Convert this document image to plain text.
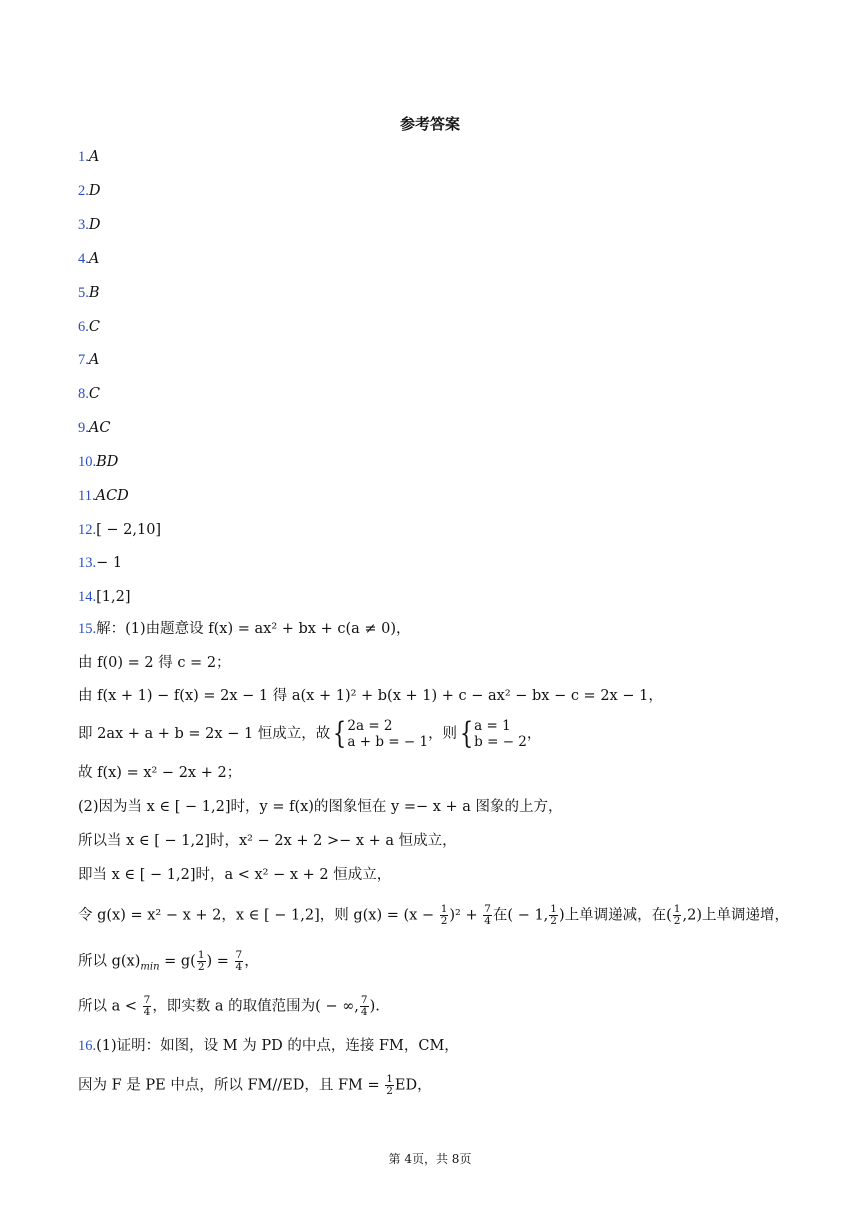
参考答案
1.A
2.D
3.D
4.A
5.B
6.C
7.A
8.C
9.AC
10.BD
11.ACD
12.[ − 2,10]
13.− 1
14.[1,2]
15.解：(1)由题意设 f(x) = ax² + bx + c(a ≠ 0)，
由 f(0) = 2 得 c = 2；
由 f(x + 1) − f(x) = 2x − 1 得 a(x + 1)² + b(x + 1) + c − ax² − bx − c = 2x − 1，
即 2ax + a + b = 2x − 1 恒成立，故{ 2a = 2
a + b = − 1 ，则{ a = 1
b = − 2 ，
故 f(x) = x² − 2x + 2；
(2)因为当 x ∈ [ − 1,2]时，y = f(x)的图象恒在 y =− x + a 图象的上方，
所以当 x ∈ [ − 1,2]时，x² − 2x + 2 >− x + a 恒成立，
即当 x ∈ [ − 1,2]时，a < x² − x + 2 恒成立，
令 g(x) = x² − x + 2，x ∈ [ − 1,2]，则 $g(x) = (x - \frac{1}{2} )^2 + \frac{7}{4}$ 在( − 1, $\frac{1}{2}$ )上单调递减，在( $\frac{1}{2} ,2$)上单调递增，
所以 $g(x)_{min} = g( \frac{1}{2}$ ) = $\frac{7}{4}$ ，
所以 $a < \frac{7}{4}$ ，即实数 a 的取值范围为( − ∞, $\frac{7}{4}$ ).
16.(1)证明：如图，设 M 为 PD 的中点，连接 FM，CM，
因为 F 是 PE 中点，所以 FM//ED，且 FM = $\frac{1}{2}$ ED，
第 4页，共 8页
